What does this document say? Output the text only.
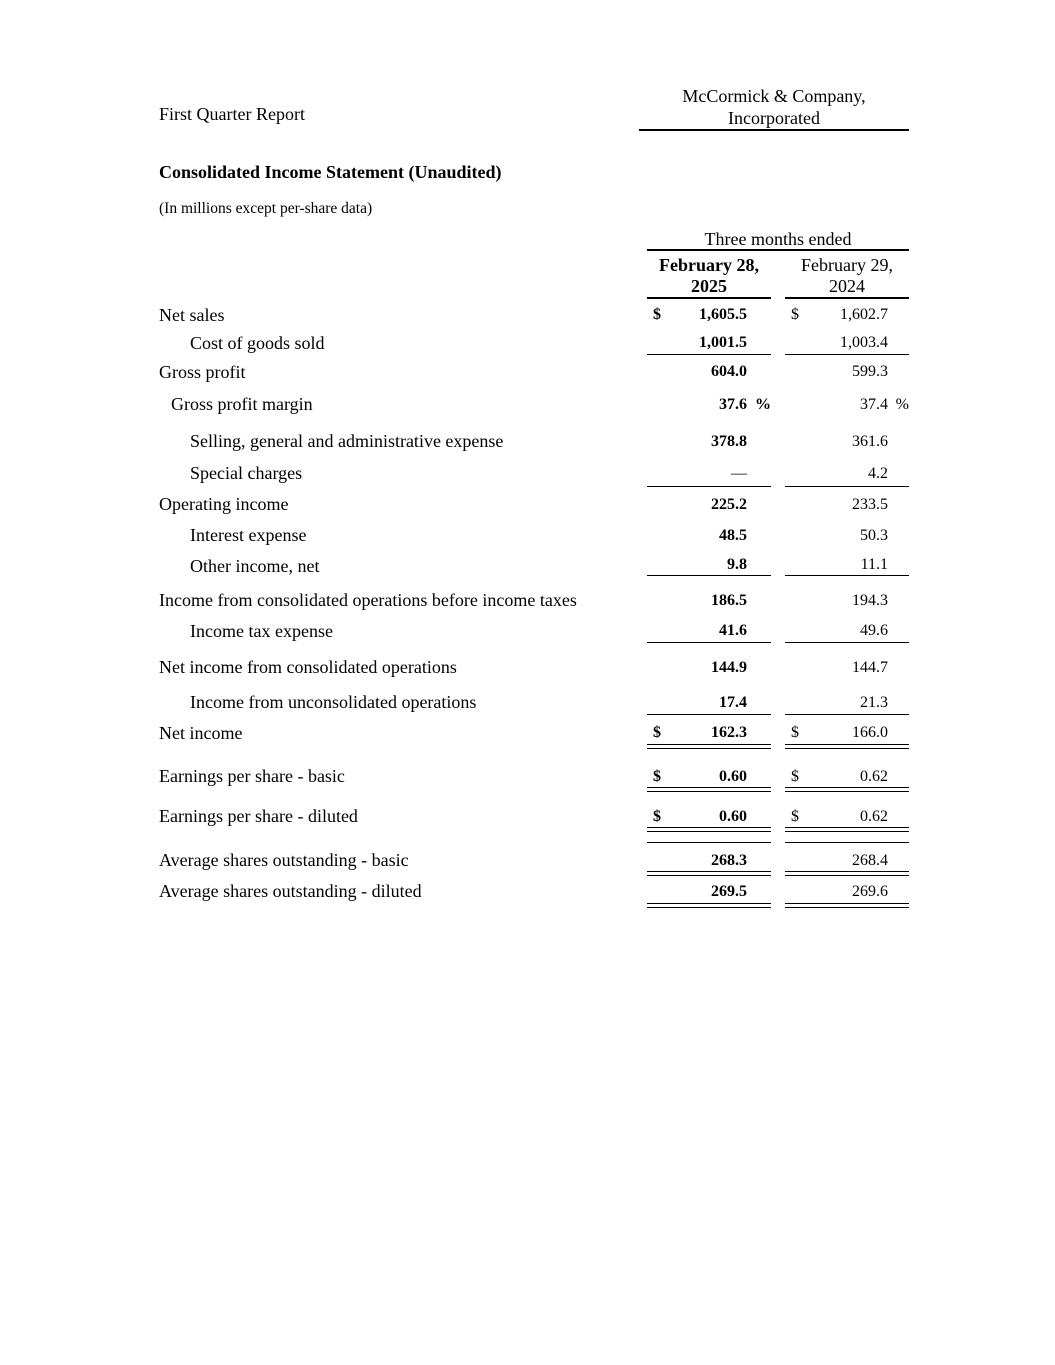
First Quarter Report
McCormick & Company,
Incorporated
Consolidated Income Statement (Unaudited)
(In millions except per-share data)
Three months ended
February 28,
2025
February 29,
2024
Net sales	$ 1,605.5	$	1,602.7
Cost of goods sold	1,001.5	1,003.4
Gross profit	604.0	599.3
Gross profit margin	37.6 %	37.4 %
Selling, general and administrative expense	378.8	361.6
Special charges	—	4.2
Operating income	225.2	233.5
Interest expense	48.5	50.3
Other income, net	9.8	11.1
Income from consolidated operations before income taxes	186.5	194.3
Income tax expense	41.6	49.6
Net income from consolidated operations	144.9	144.7
Income from unconsolidated operations	17.4	21.3
Net income	$	162.3	$	166.0
Earnings per share - basic	$	0.60	$	0.62
Earnings per share - diluted	$	0.60	$	0.62
Average shares outstanding - basic	268.3	268.4
Average shares outstanding - diluted	269.5	269.6
